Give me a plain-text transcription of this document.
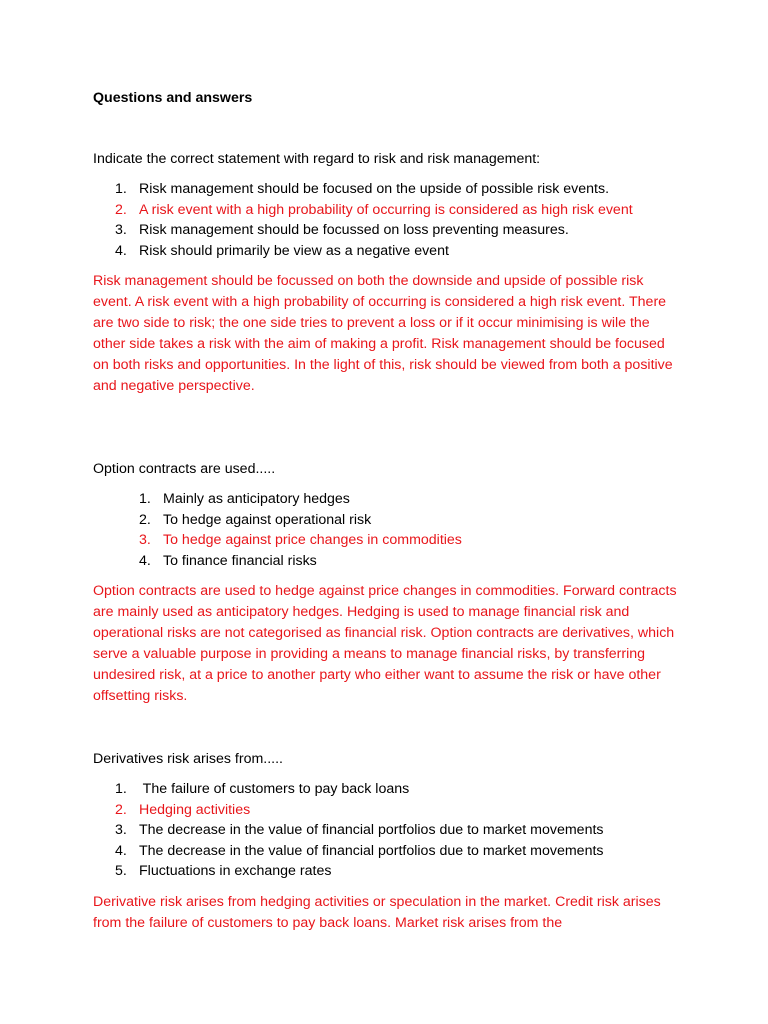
Questions and answers
Indicate the correct statement with regard to risk and risk management:
1. Risk management should be focused on the upside of possible risk events.
2. A risk event with a high probability of occurring is considered as high risk event
3. Risk management should be focussed on loss preventing measures.
4. Risk should primarily be view as a negative event
Risk management should be focussed on both the downside and upside of possible risk event. A risk event with a high probability of occurring is considered a high risk event. There are two side to risk; the one side tries to prevent a loss or if it occur minimising is wile the other side takes a risk with the aim of making a profit. Risk management should be focused on both risks and opportunities. In the light of this, risk should be viewed from both a positive and negative perspective.
Option contracts are used.....
1. Mainly as anticipatory hedges
2. To hedge against operational risk
3. To hedge against price changes in commodities
4. To finance financial risks
Option contracts are used to hedge against price changes in commodities. Forward contracts are mainly used as anticipatory hedges. Hedging is used to manage financial risk and operational risks are not categorised as financial risk. Option contracts are derivatives, which serve a valuable purpose in providing a means to manage financial risks, by transferring undesired risk, at a price to another party who either want to assume the risk or have other offsetting risks.
Derivatives risk arises from.....
1. The failure of customers to pay back loans
2. Hedging activities
3. The decrease in the value of financial portfolios due to market movements
4. The decrease in the value of financial portfolios due to market movements
5. Fluctuations in exchange rates
Derivative risk arises from hedging activities or speculation in the market. Credit risk arises from the failure of customers to pay back loans. Market risk arises from the
